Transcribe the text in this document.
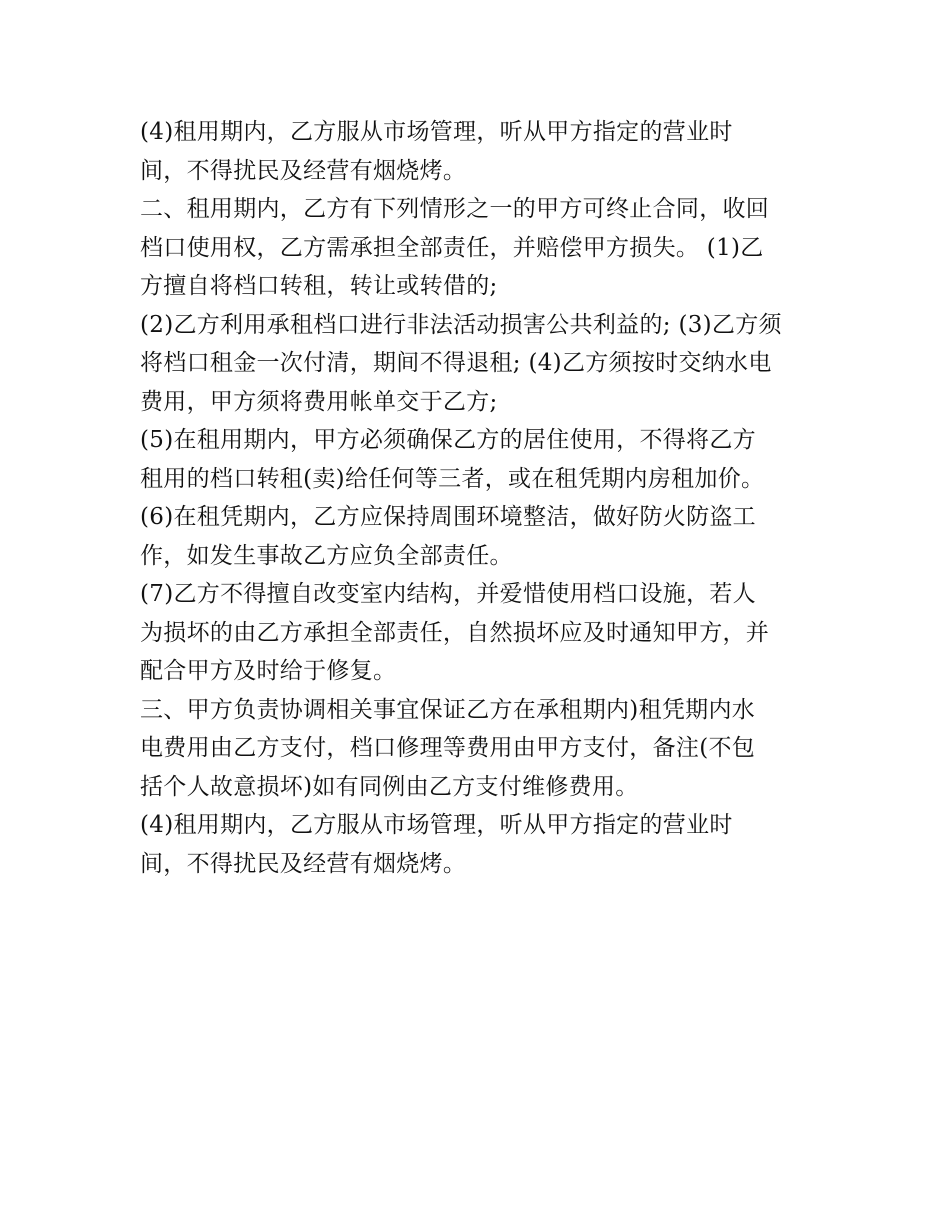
(4)租用期内，乙方服从市场管理，听从甲方指定的营业时
间，不得扰民及经营有烟烧烤。
二、租用期内，乙方有下列情形之一的甲方可终止合同，收回
档口使用权，乙方需承担全部责任，并赔偿甲方损失。 (1)乙
方擅自将档口转租，转让或转借的;
(2)乙方利用承租档口进行非法活动损害公共利益的; (3)乙方须
将档口租金一次付清，期间不得退租; (4)乙方须按时交纳水电
费用，甲方须将费用帐单交于乙方;
(5)在租用期内，甲方必须确保乙方的居住使用，不得将乙方
租用的档口转租(卖)给任何等三者，或在租凭期内房租加价。
(6)在租凭期内，乙方应保持周围环境整洁，做好防火防盗工
作，如发生事故乙方应负全部责任。
(7)乙方不得擅自改变室内结构，并爱惜使用档口设施，若人
为损坏的由乙方承担全部责任，自然损坏应及时通知甲方，并
配合甲方及时给于修复。
三、甲方负责协调相关事宜保证乙方在承租期内)租凭期内水
电费用由乙方支付，档口修理等费用由甲方支付，备注(不包
括个人故意损坏)如有同例由乙方支付维修费用。
(4)租用期内，乙方服从市场管理，听从甲方指定的营业时
间，不得扰民及经营有烟烧烤。
